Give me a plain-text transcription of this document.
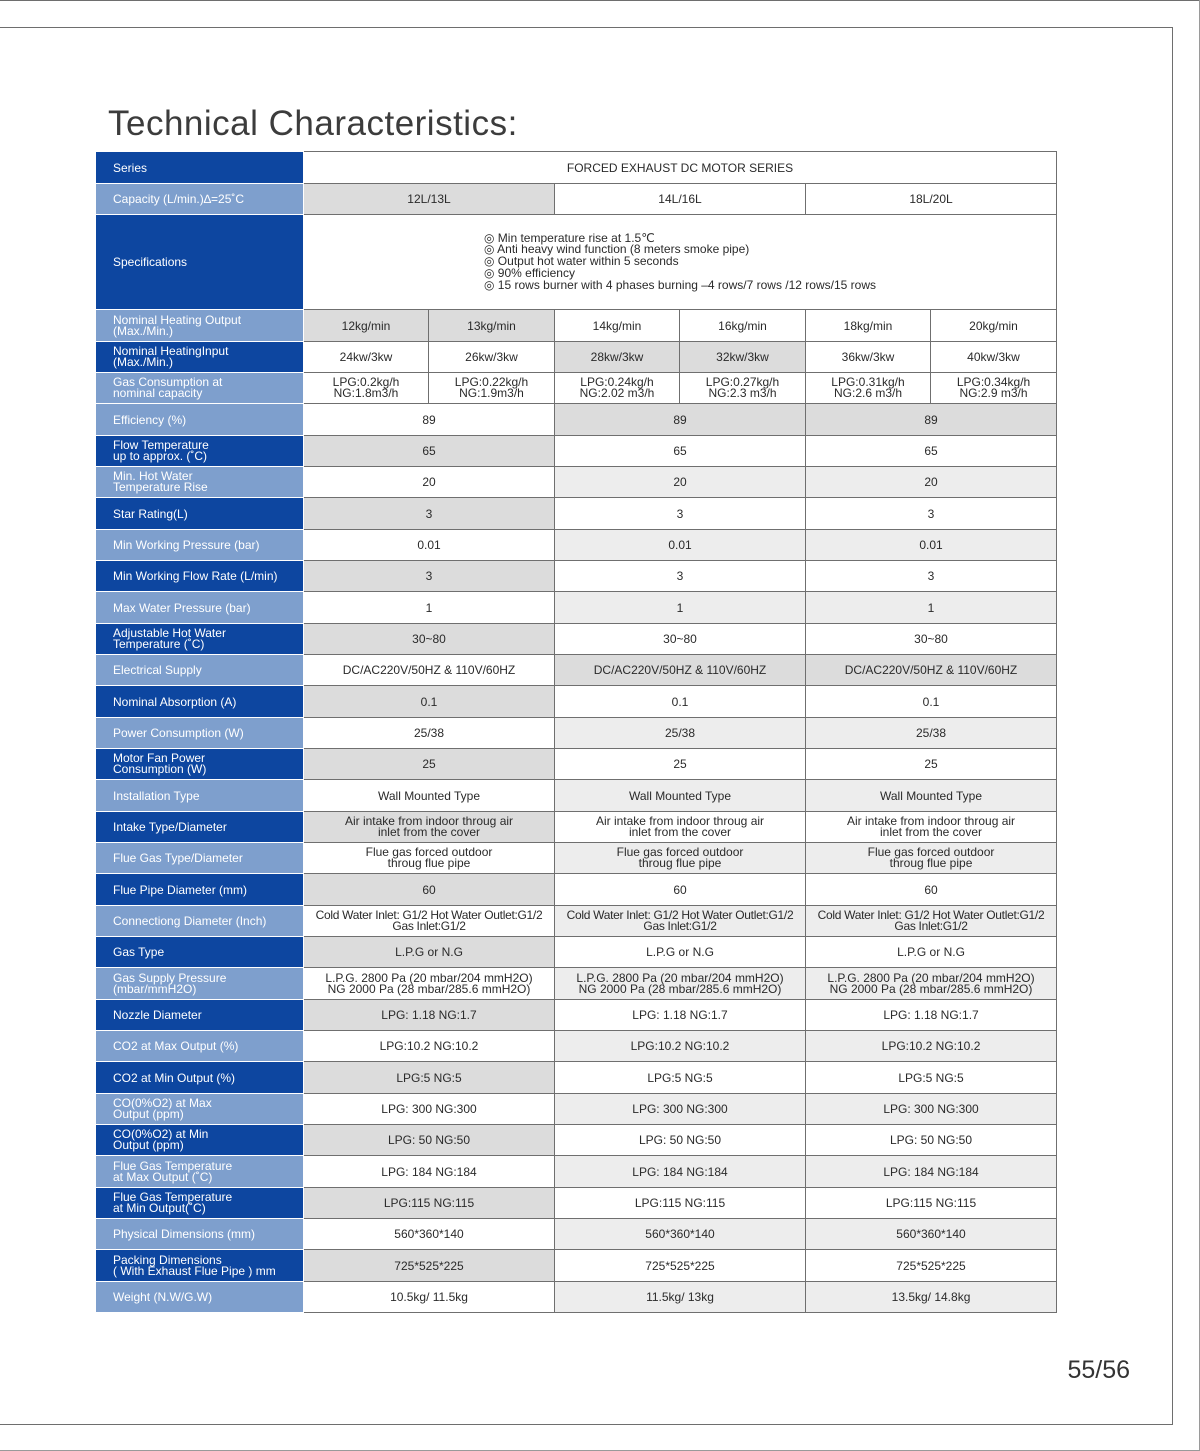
Technical Characteristics:
Series	FORCED EXHAUST DC MOTOR SERIES					
Capacity (L/min.)∆=25˚C	12L/13L		14L/16L		18L/20L	
Specifications	◎ Min temperature rise at 1.5℃
◎ Anti heavy wind function (8 meters smoke pipe)
◎ Output hot water within 5 seconds
◎ 90% efficiency
◎ 15 rows burner with 4 phases burning –4 rows/7 rows /12 rows/15 rows					

Nominal Heating Output
(Max./Min.)	12kg/min	13kg/min	14kg/min	16kg/min	18kg/min	20kg/min

Nominal HeatingInput
(Max./Min.)	24kw/3kw	26kw/3kw	28kw/3kw	32kw/3kw	36kw/3kw	40kw/3kw

Gas Consumption at
nominal capacity	LPG:0.2kg/h
NG:1.8m3/h	LPG:0.22kg/h
NG:1.9m3/h	LPG:0.24kg/h
NG:2.02 m3/h	LPG:0.27kg/h
NG:2.3 m3/h	LPG:0.31kg/h
NG:2.6 m3/h	LPG:0.34kg/h
NG:2.9 m3/h

Efficiency (%)	89		89		89	

Flow Temperature
up to approx. (˚C)	65		65		65	

Min. Hot Water
Temperature Rise	20		20		20	
Star Rating(L)	3		3		3	
Min Working Pressure (bar)	0.01		0.01		0.01	
Min Working Flow Rate (L/min)	3		3		3	
Max Water Pressure (bar)	1		1		1	

Adjustable Hot Water
Temperature (˚C)	30~80		30~80		30~80	
Electrical Supply	DC/AC220V/50HZ & 110V/60HZ		DC/AC220V/50HZ & 110V/60HZ		DC/AC220V/50HZ & 110V/60HZ	
Nominal Absorption (A)	0.1		0.1		0.1	
Power Consumption (W)	25/38		25/38		25/38	

Motor Fan Power
Consumption (W)	25		25		25	
Installation Type	Wall Mounted Type		Wall Mounted Type		Wall Mounted Type	
Intake Type/Diameter	Air intake from indoor throug air
inlet from the cover		Air intake from indoor throug air
inlet from the cover		Air intake from indoor throug air
inlet from the cover	

Flue Gas Type/Diameter	Flue gas forced outdoor
throug flue pipe		Flue gas forced outdoor
throug flue pipe		Flue gas forced outdoor
throug flue pipe	

Flue Pipe Diameter (mm)	60		60		60	
Connectiong Diameter (Inch)	Cold Water Inlet: G1/2 Hot Water Outlet:G1/2
Gas Inlet:G1/2		Cold Water Inlet: G1/2 Hot Water Outlet:G1/2
Gas Inlet:G1/2		Cold Water Inlet: G1/2 Hot Water Outlet:G1/2
Gas Inlet:G1/2	

Gas Type	L.P.G or N.G		L.P.G or N.G		L.P.G or N.G	

Gas Supply Pressure
(mbar/mmH2O)	L.P.G. 2800 Pa (20 mbar/204 mmH2O)
NG 2000 Pa (28 mbar/285.6 mmH2O)		L.P.G. 2800 Pa (20 mbar/204 mmH2O)
NG 2000 Pa (28 mbar/285.6 mmH2O)		L.P.G. 2800 Pa (20 mbar/204 mmH2O)
NG 2000 Pa (28 mbar/285.6 mmH2O)	

Nozzle Diameter	LPG: 1.18 NG:1.7		LPG: 1.18 NG:1.7		LPG: 1.18 NG:1.7	
CO2 at Max Output (%)	LPG:10.2 NG:10.2		LPG:10.2 NG:10.2		LPG:10.2 NG:10.2	
CO2 at Min Output (%)	LPG:5 NG:5		LPG:5 NG:5		LPG:5 NG:5	

CO(0%O2) at Max
Output (ppm)	LPG: 300 NG:300		LPG: 300 NG:300		LPG: 300 NG:300	

CO(0%O2) at Min
Output (ppm)	LPG: 50 NG:50		LPG: 50 NG:50		LPG: 50 NG:50	

Flue Gas Temperature
at Max Output (˚C)	LPG: 184 NG:184		LPG: 184 NG:184		LPG: 184 NG:184	

Flue Gas Temperature
at Min Output(˚C)	LPG:115 NG:115		LPG:115 NG:115		LPG:115 NG:115	
Physical Dimensions (mm)	560*360*140		560*360*140		560*360*140	

Packing Dimensions
( With Exhaust Flue Pipe ) mm	725*525*225		725*525*225		725*525*225	
Weight (N.W/G.W)	10.5kg/ 11.5kg		11.5kg/ 13kg		13.5kg/ 14.8kg	
55/56
